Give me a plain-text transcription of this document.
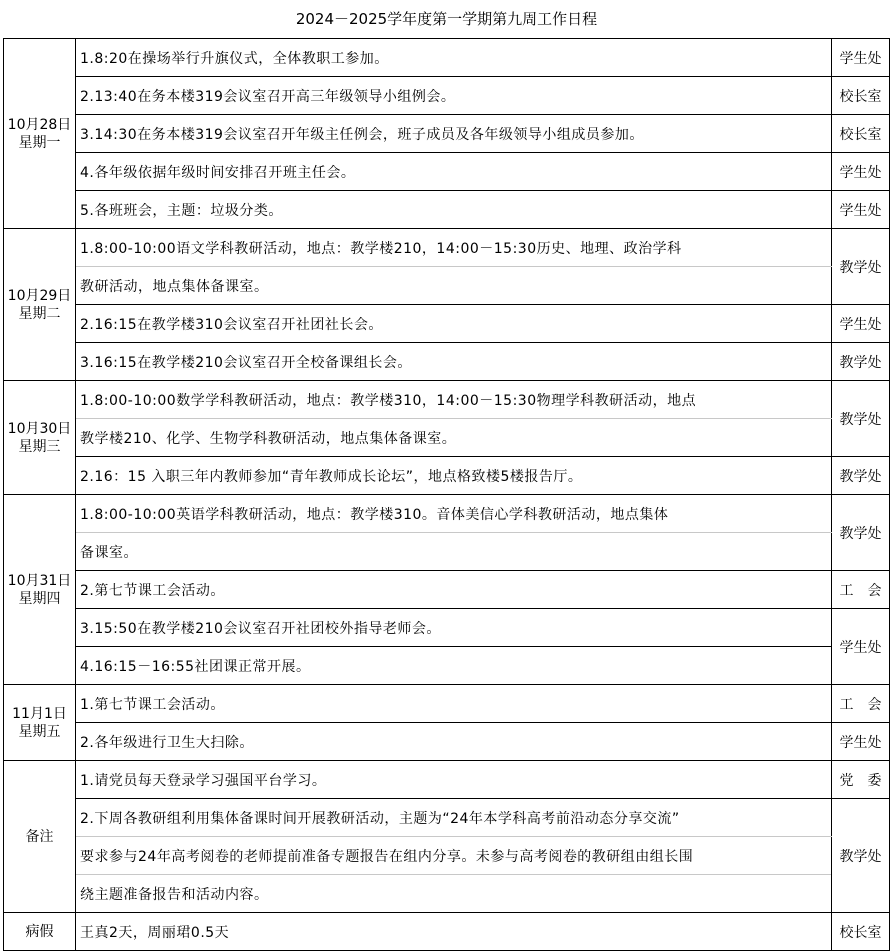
2024－2025学年度第一学期第九周工作日程
10月28日
星期一	1.8:20在操场举行升旗仪式，全体教职工参加。	学生处
	2.13:40在务本楼319会议室召开高三年级领导小组例会。	校长室
	3.14:30在务本楼319会议室召开年级主任例会，班子成员及各年级领导小组成员参加。	校长室
	4.各年级依据年级时间安排召开班主任会。	学生处
	5.各班班会，主题：垃圾分类。	学生处

10月29日
星期二	1.8:00-10:00语文学科教研活动，地点：教学楼210，14:00－15:30历史、地理、政治学科	教学处
	教研活动，地点集体备课室。	
	2.16:15在教学楼310会议室召开社团社长会。	学生处
	3.16:15在教学楼210会议室召开全校备课组长会。	教学处

10月30日
星期三	1.8:00-10:00数学学科教研活动，地点：教学楼310，14:00－15:30物理学科教研活动，地点	教学处
	教学楼210、化学、生物学科教研活动，地点集体备课室。	
	2.16：15 入职三年内教师参加“青年教师成长论坛”，地点格致楼5楼报告厅。	教学处

10月31日
星期四	1.8:00-10:00英语学科教研活动，地点：教学楼310。音体美信心学科教研活动，地点集体	教学处
	备课室。	
	2.第七节课工会活动。	工　会
	3.15:50在教学楼210会议室召开社团校外指导老师会。	学生处
	4.16:15－16:55社团课正常开展。	

11月1日
星期五	1.第七节课工会活动。	工　会
	2.各年级进行卫生大扫除。	学生处
备注	1.请党员每天登录学习强国平台学习。	党　委
	2.下周各教研组利用集体备课时间开展教研活动，主题为“24年本学科高考前沿动态分享交流”	教学处
	要求参与24年高考阅卷的老师提前准备专题报告在组内分享。未参与高考阅卷的教研组由组长围	
	绕主题准备报告和活动内容。	
病假	王真2天，周丽珺0.5天	校长室
